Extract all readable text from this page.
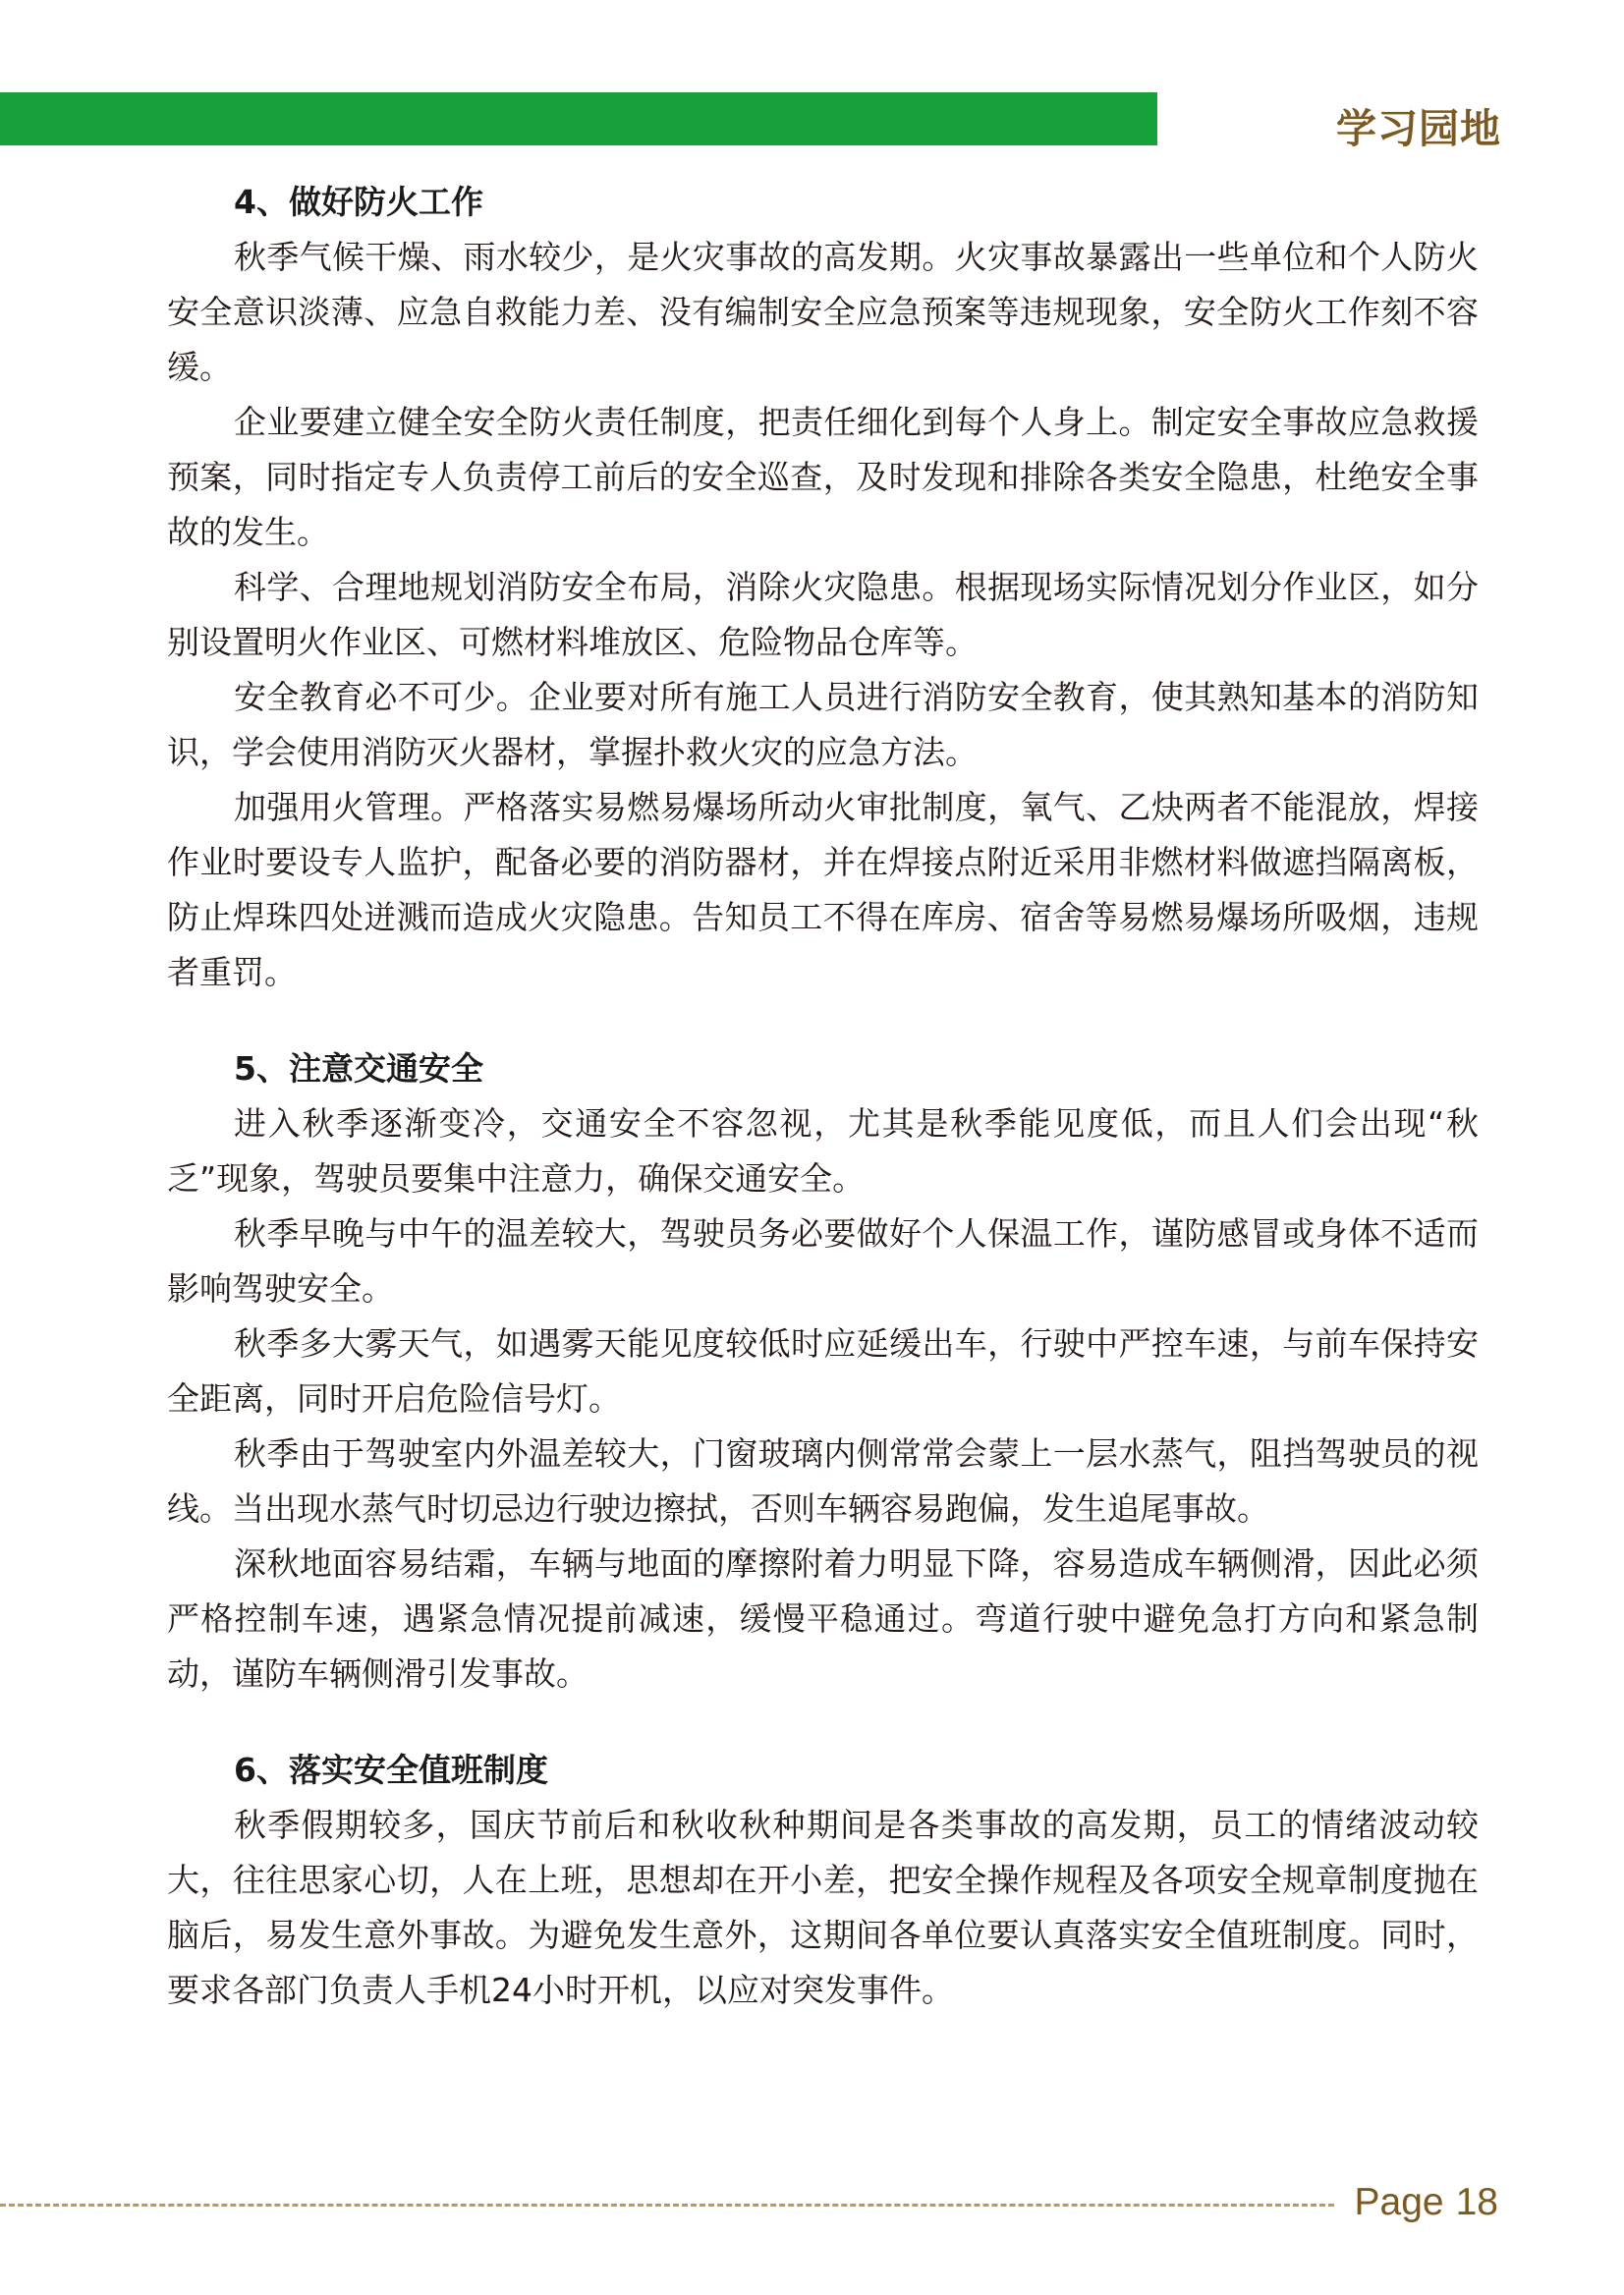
学习园地
4、做好防火工作

秋季气候干燥、雨水较少，是火灾事故的高发期。火灾事故暴露出一些单位和个人防火安全意识淡薄、应急自救能力差、没有编制安全应急预案等违规现象，安全防火工作刻不容缓。

企业要建立健全安全防火责任制度，把责任细化到每个人身上。制定安全事故应急救援预案，同时指定专人负责停工前后的安全巡查，及时发现和排除各类安全隐患，杜绝安全事故的发生。

科学、合理地规划消防安全布局，消除火灾隐患。根据现场实际情况划分作业区，如分别设置明火作业区、可燃材料堆放区、危险物品仓库等。

安全教育必不可少。企业要对所有施工人员进行消防安全教育，使其熟知基本的消防知识，学会使用消防灭火器材，掌握扑救火灾的应急方法。

加强用火管理。严格落实易燃易爆场所动火审批制度，氧气、乙炔两者不能混放，焊接作业时要设专人监护，配备必要的消防器材，并在焊接点附近采用非燃材料做遮挡隔离板，防止焊珠四处迸溅而造成火灾隐患。告知员工不得在库房、宿舍等易燃易爆场所吸烟，违规者重罚。

5、注意交通安全

进入秋季逐渐变冷，交通安全不容忽视，尤其是秋季能见度低，而且人们会出现“秋乏”现象，驾驶员要集中注意力，确保交通安全。

秋季早晚与中午的温差较大，驾驶员务必要做好个人保温工作，谨防感冒或身体不适而影响驾驶安全。

秋季多大雾天气，如遇雾天能见度较低时应延缓出车，行驶中严控车速，与前车保持安全距离，同时开启危险信号灯。

秋季由于驾驶室内外温差较大，门窗玻璃内侧常常会蒙上一层水蒸气，阻挡驾驶员的视线。当出现水蒸气时切忌边行驶边擦拭，否则车辆容易跑偏，发生追尾事故。

深秋地面容易结霜，车辆与地面的摩擦附着力明显下降，容易造成车辆侧滑，因此必须严格控制车速，遇紧急情况提前减速，缓慢平稳通过。弯道行驶中避免急打方向和紧急制动，谨防车辆侧滑引发事故。

6、落实安全值班制度

秋季假期较多，国庆节前后和秋收秋种期间是各类事故的高发期，员工的情绪波动较大，往往思家心切，人在上班，思想却在开小差，把安全操作规程及各项安全规章制度抛在脑后，易发生意外事故。为避免发生意外，这期间各单位要认真落实安全值班制度。同时，要求各部门负责人手机24小时开机，以应对突发事件。

Page 18
